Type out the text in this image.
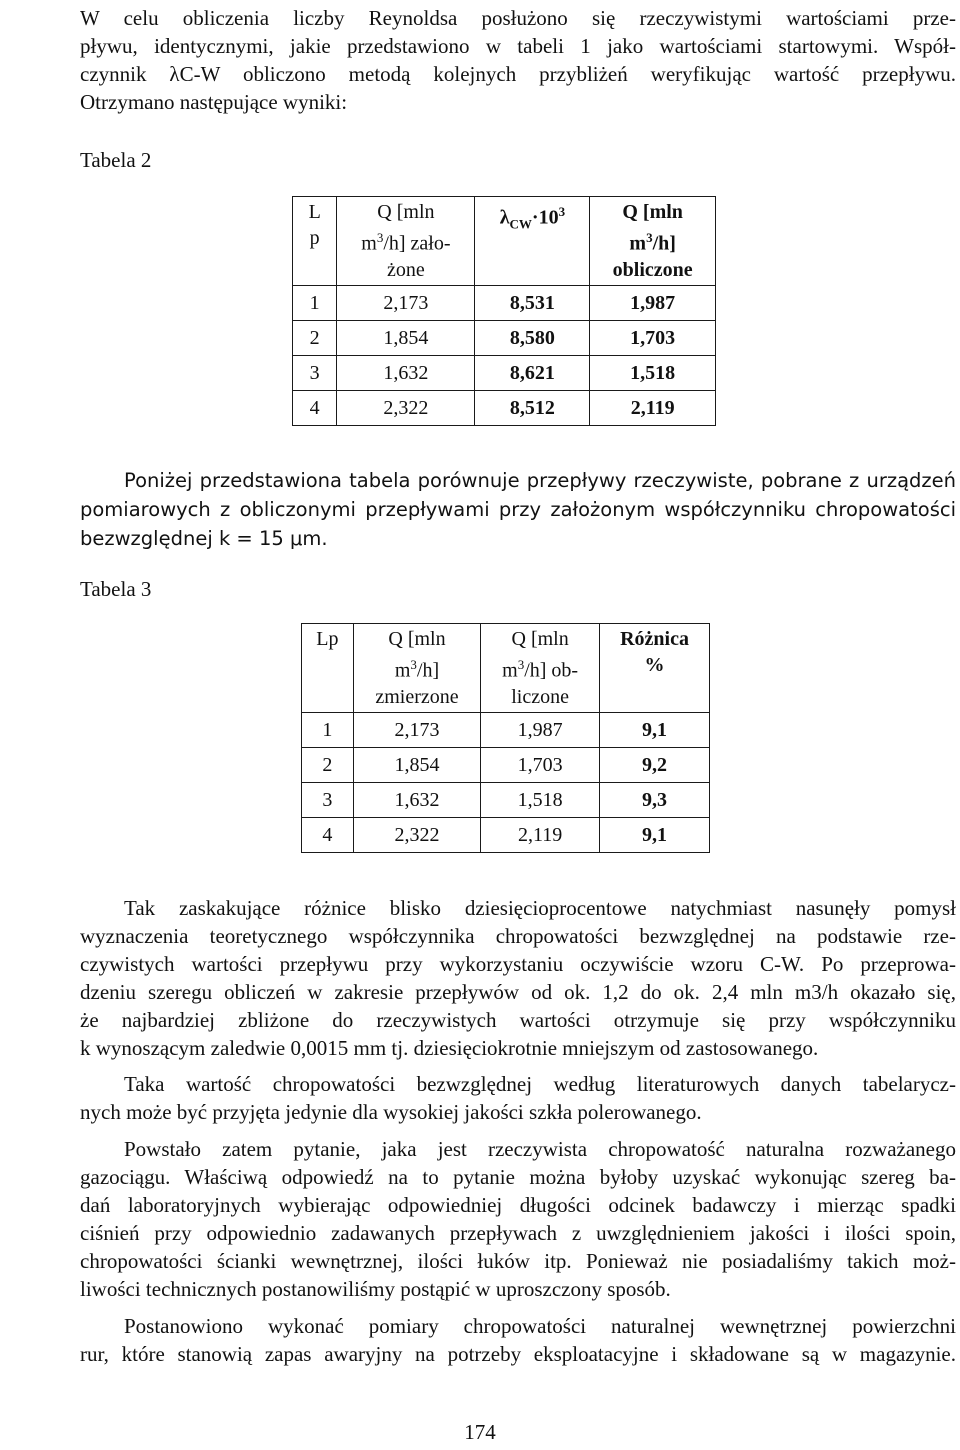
W celu obliczenia liczby Reynoldsa posłużono się rzeczywistymi wartościami prze-
pływu, identycznymi, jakie przedstawiono w tabeli 1 jako wartościami startowymi. Współ-
czynnik λC-W obliczono metodą kolejnych przybliżeń weryfikując wartość przepływu.
Otrzymano następujące wyniki:
Tabela 2
L
p	Q [mln
$m^3/h$] zało-
żone	$\lambda_{CW}\cdot 10^3$	Q [mln
$m^3/h$]
obliczone
1	2,173	8,531	1,987
2	1,854	8,580	1,703
3	1,632	8,621	1,518
4	2,322	8,512	2,119
Poniżej przedstawiona tabela porównuje przepływy rzeczywiste, pobrane z urządzeń
pomiarowych z obliczonymi przepływami przy założonym współczynniku chropowatości
bezwzględnej k = 15 μm.
Tabela 3
Lp	Q [mln
$m^3/h$]
zmierzone	Q [mln
$m^3/h$] ob-
liczone	Różnica
%
1	2,173	1,987	9,1
2	1,854	1,703	9,2
3	1,632	1,518	9,3
4	2,322	2,119	9,1
Tak zaskakujące różnice blisko dziesięcioprocentowe natychmiast nasunęły pomysł
wyznaczenia teoretycznego współczynnika chropowatości bezwzględnej na podstawie rze-
czywistych wartości przepływu przy wykorzystaniu oczywiście wzoru C-W. Po przeprowa-
dzeniu szeregu obliczeń w zakresie przepływów od ok. 1,2 do ok. 2,4 mln m3/h okazało się,
że najbardziej zbliżone do rzeczywistych wartości otrzymuje się przy współczynniku
k wynoszącym zaledwie 0,0015 mm tj. dziesięciokrotnie mniejszym od zastosowanego.
Taka wartość chropowatości bezwzględnej według literaturowych danych tabelarycz-
nych może być przyjęta jedynie dla wysokiej jakości szkła polerowanego.
Powstało zatem pytanie, jaka jest rzeczywista chropowatość naturalna rozważanego
gazociągu. Właściwą odpowiedź na to pytanie można byłoby uzyskać wykonując szereg ba-
dań laboratoryjnych wybierając odpowiedniej długości odcinek badawczy i mierząc spadki
ciśnień przy odpowiednio zadawanych przepływach z uwzględnieniem jakości i ilości spoin,
chropowatości ścianki wewnętrznej, ilości łuków itp. Ponieważ nie posiadaliśmy takich moż-
liwości technicznych postanowiliśmy postąpić w uproszczony sposób.
Postanowiono wykonać pomiary chropowatości naturalnej wewnętrznej powierzchni
rur, które stanowią zapas awaryjny na potrzeby eksploatacyjne i składowane są w magazynie.
174
